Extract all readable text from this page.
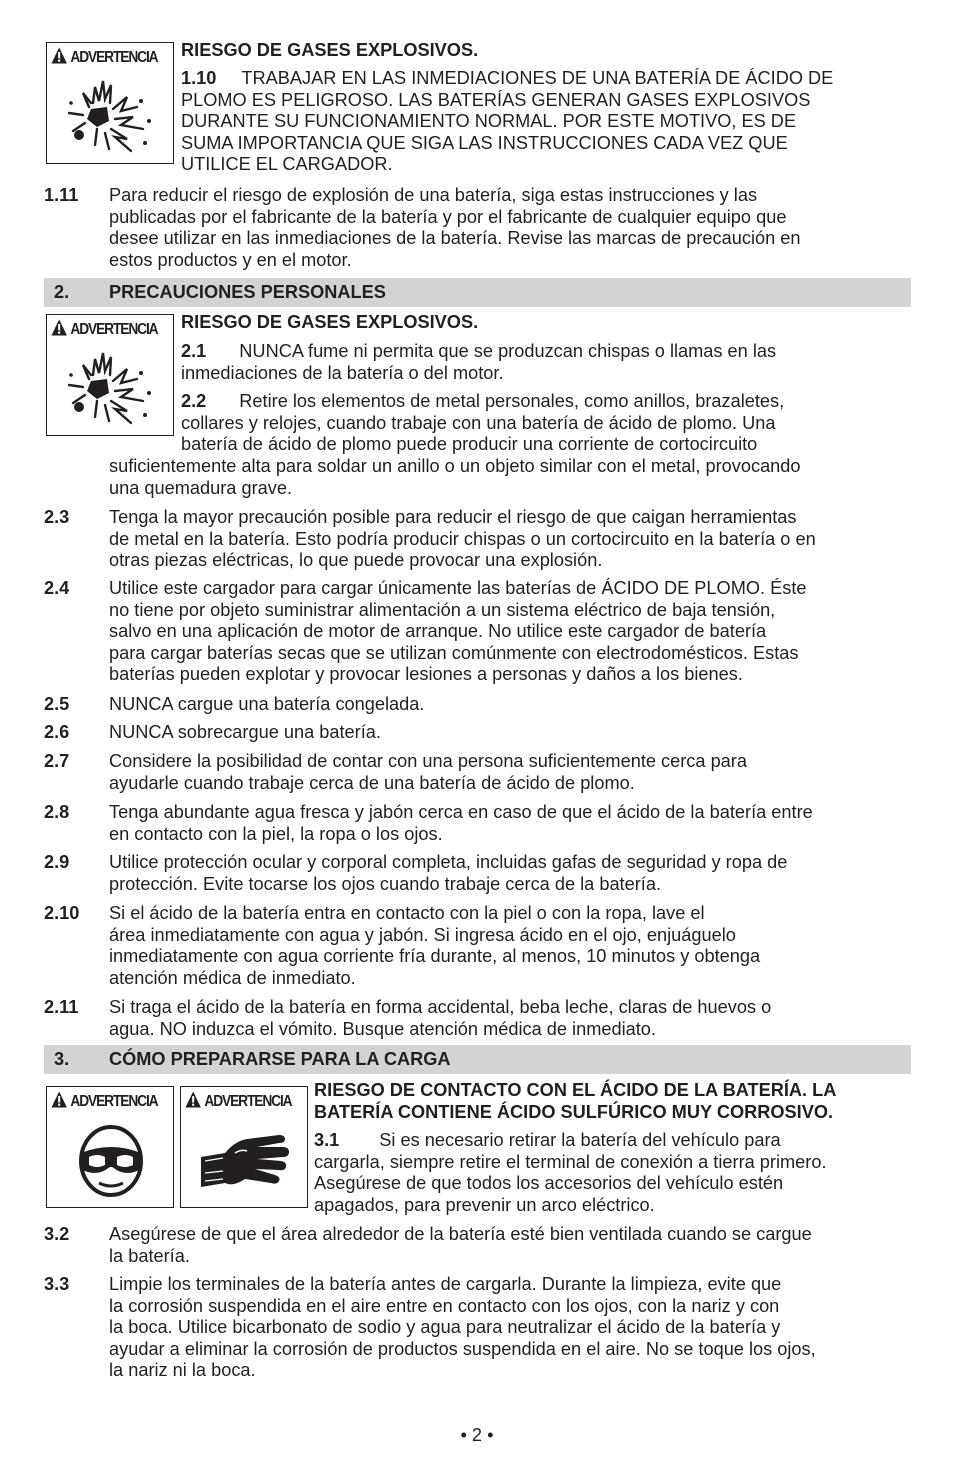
ADVERTENCIA RIESGO DE GASES EXPLOSIVOS.
1.10 TRABAJAR EN LAS INMEDIACIONES DE UNA BATERÍA DE ÁCIDO DE
PLOMO ES PELIGROSO. LAS BATERÍAS GENERAN GASES EXPLOSIVOS
DURANTE SU FUNCIONAMIENTO NORMAL. POR ESTE MOTIVO, ES DE
SUMA IMPORTANCIA QUE SIGA LAS INSTRUCCIONES CADA VEZ QUE
UTILICE EL CARGADOR.
1.11 Para reducir el riesgo de explosión de una batería, siga estas instrucciones y las
publicadas por el fabricante de la batería y por el fabricante de cualquier equipo que
desee utilizar en las inmediaciones de la batería. Revise las marcas de precaución en
estos productos y en el motor.
2. PRECAUCIONES PERSONALES
ADVERTENCIA RIESGO DE GASES EXPLOSIVOS.
2.1 NUNCA fume ni permita que se produzcan chispas o llamas en las
inmediaciones de la batería o del motor.
2.2 Retire los elementos de metal personales, como anillos, brazaletes,
collares y relojes, cuando trabaje con una batería de ácido de plomo. Una
batería de ácido de plomo puede producir una corriente de cortocircuito
suficientemente alta para soldar un anillo o un objeto similar con el metal, provocando
una quemadura grave.
2.3 Tenga la mayor precaución posible para reducir el riesgo de que caigan herramientas
de metal en la batería. Esto podría producir chispas o un cortocircuito en la batería o en
otras piezas eléctricas, lo que puede provocar una explosión.
2.4 Utilice este cargador para cargar únicamente las baterías de ÁCIDO DE PLOMO. Éste
no tiene por objeto suministrar alimentación a un sistema eléctrico de baja tensión,
salvo en una aplicación de motor de arranque. No utilice este cargador de batería
para cargar baterías secas que se utilizan comúnmente con electrodomésticos. Estas
baterías pueden explotar y provocar lesiones a personas y daños a los bienes.
2.5 NUNCA cargue una batería congelada.
2.6 NUNCA sobrecargue una batería.
2.7 Considere la posibilidad de contar con una persona suficientemente cerca para
ayudarle cuando trabaje cerca de una batería de ácido de plomo.
2.8 Tenga abundante agua fresca y jabón cerca en caso de que el ácido de la batería entre
en contacto con la piel, la ropa o los ojos.
2.9 Utilice protección ocular y corporal completa, incluidas gafas de seguridad y ropa de
protección. Evite tocarse los ojos cuando trabaje cerca de la batería.
2.10 Si el ácido de la batería entra en contacto con la piel o con la ropa, lave el
área inmediatamente con agua y jabón. Si ingresa ácido en el ojo, enjuáguelo
inmediatamente con agua corriente fría durante, al menos, 10 minutos y obtenga
atención médica de inmediato.
2.11 Si traga el ácido de la batería en forma accidental, beba leche, claras de huevos o
agua. NO induzca el vómito. Busque atención médica de inmediato.
3. CÓMO PREPARARSE PARA LA CARGA
ADVERTENCIA	ADVERTENCIA
RIESGO DE CONTACTO CON EL ÁCIDO DE LA BATERÍA. LA
BATERÍA CONTIENE ÁCIDO SULFÚRICO MUY CORROSIVO.
3.1 Si es necesario retirar la batería del vehículo para
cargarla, siempre retire el terminal de conexión a tierra primero.
Asegúrese de que todos los accesorios del vehículo estén
apagados, para prevenir un arco eléctrico.
3.2 Asegúrese de que el área alrededor de la batería esté bien ventilada cuando se cargue
la batería.
3.3 Limpie los terminales de la batería antes de cargarla. Durante la limpieza, evite que
la corrosión suspendida en el aire entre en contacto con los ojos, con la nariz y con
la boca. Utilice bicarbonato de sodio y agua para neutralizar el ácido de la batería y
ayudar a eliminar la corrosión de productos suspendida en el aire. No se toque los ojos,
la nariz ni la boca.
• 2 •
